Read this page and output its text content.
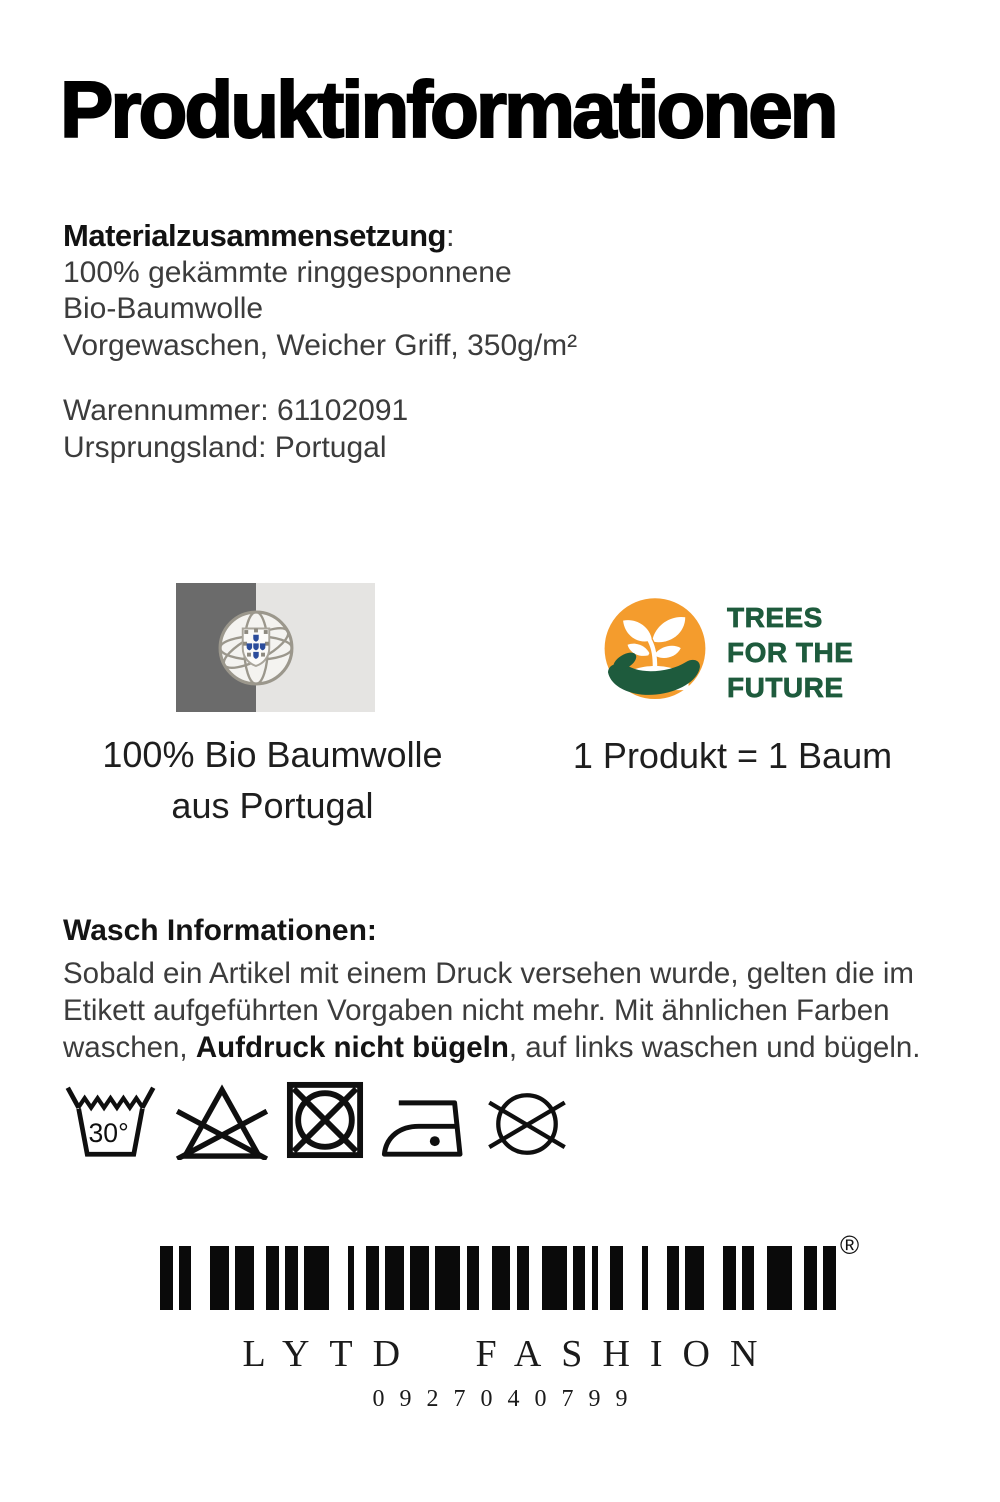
Produktinformationen
Materialzusammensetzung:
100% gekämmte ringgesponnene
Bio-Baumwolle
Vorgewaschen, Weicher Griff, 350g/m²
Warennummer: 61102091
Ursprungsland: Portugal
TREES
FOR THE
FUTURE
100% Bio Baumwolle
aus Portugal
1 Produkt = 1 Baum
Wasch Informationen:

Sobald ein Artikel mit einem Druck versehen wurde, gelten die im Etikett aufgeführten Vorgaben nicht mehr. Mit ähnlichen Farben waschen, Aufdruck nicht bügeln, auf links waschen und bügeln.

30°
®
LYTD FASHION
0927040799
